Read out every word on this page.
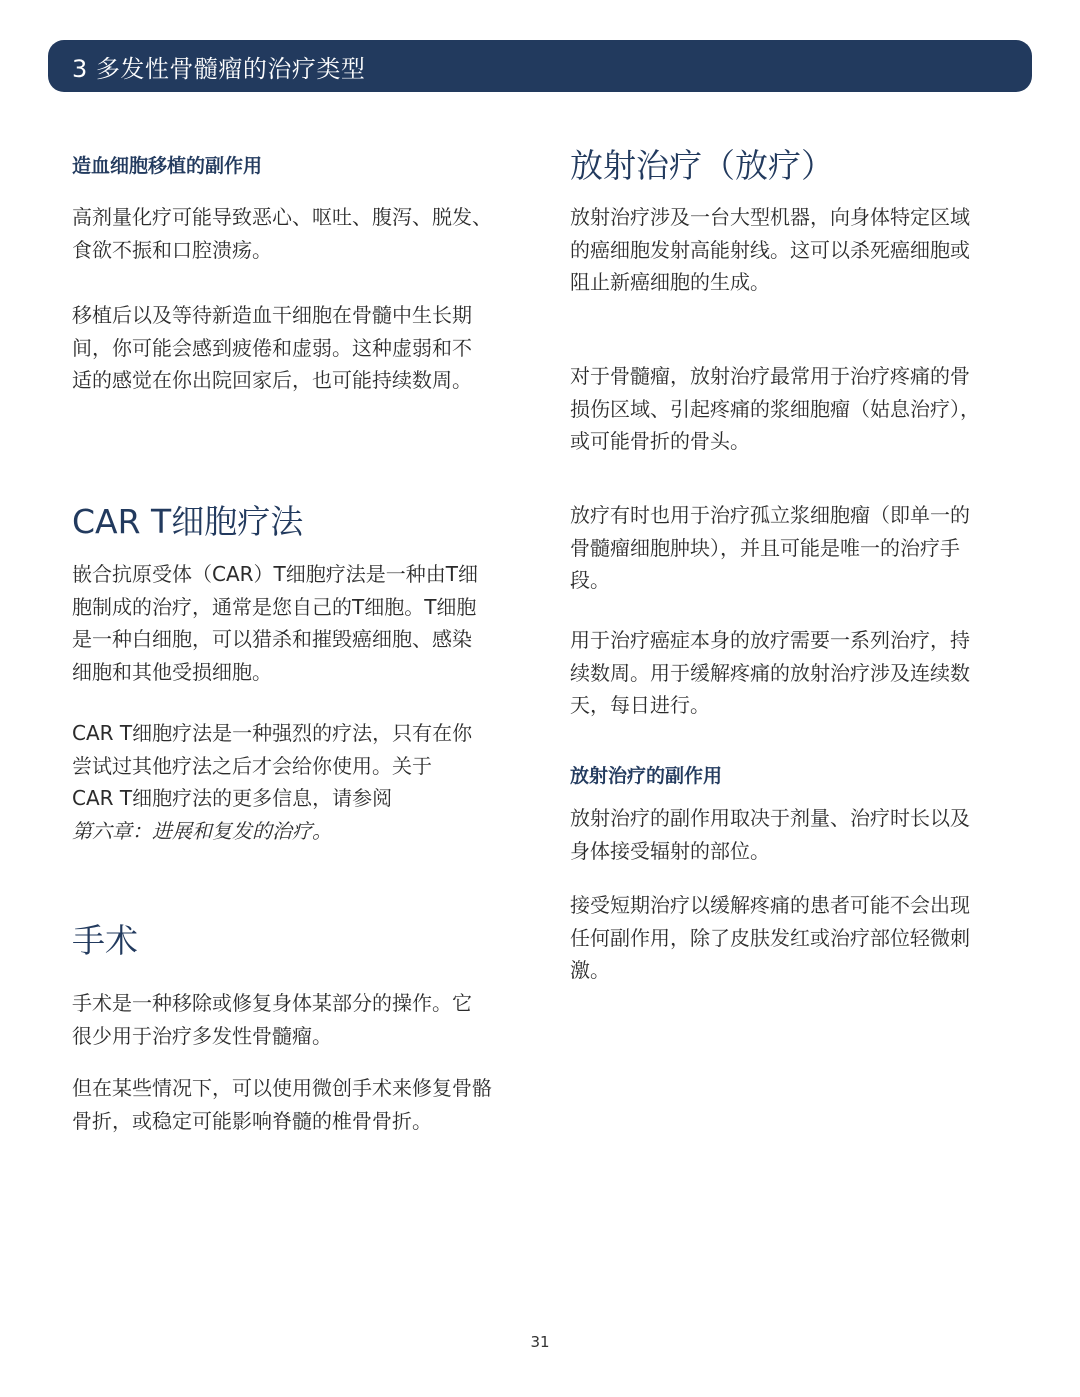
3 多发性骨髓瘤的治疗类型
造血细胞移植的副作用
高剂量化疗可能导致恶心、呕吐、腹泻、脱发、
食欲不振和口腔溃疡。
移植后以及等待新造血干细胞在骨髓中生长期
间，你可能会感到疲倦和虚弱。这种虚弱和不
适的感觉在你出院回家后，也可能持续数周。
CAR T细胞疗法
嵌合抗原受体（CAR）T细胞疗法是一种由T细
胞制成的治疗，通常是您自己的T细胞。T细胞
是一种白细胞，可以猎杀和摧毁癌细胞、感染
细胞和其他受损细胞。
CAR T细胞疗法是一种强烈的疗法，只有在你
尝试过其他疗法之后才会给你使用。关于
CAR T细胞疗法的更多信息，请参阅
第六章：进展和复发的治疗。
手术
手术是一种移除或修复身体某部分的操作。它
很少用于治疗多发性骨髓瘤。
但在某些情况下，可以使用微创手术来修复骨骼
骨折，或稳定可能影响脊髓的椎骨骨折。
放射治疗（放疗）
放射治疗涉及一台大型机器，向身体特定区域
的癌细胞发射高能射线。这可以杀死癌细胞或
阻止新癌细胞的生成。
对于骨髓瘤，放射治疗最常用于治疗疼痛的骨
损伤区域、引起疼痛的浆细胞瘤（姑息治疗），
或可能骨折的骨头。
放疗有时也用于治疗孤立浆细胞瘤（即单一的
骨髓瘤细胞肿块），并且可能是唯一的治疗手
段。
用于治疗癌症本身的放疗需要一系列治疗，持
续数周。用于缓解疼痛的放射治疗涉及连续数
天，每日进行。
放射治疗的副作用
放射治疗的副作用取决于剂量、治疗时长以及
身体接受辐射的部位。
接受短期治疗以缓解疼痛的患者可能不会出现
任何副作用，除了皮肤发红或治疗部位轻微刺
激。
31
